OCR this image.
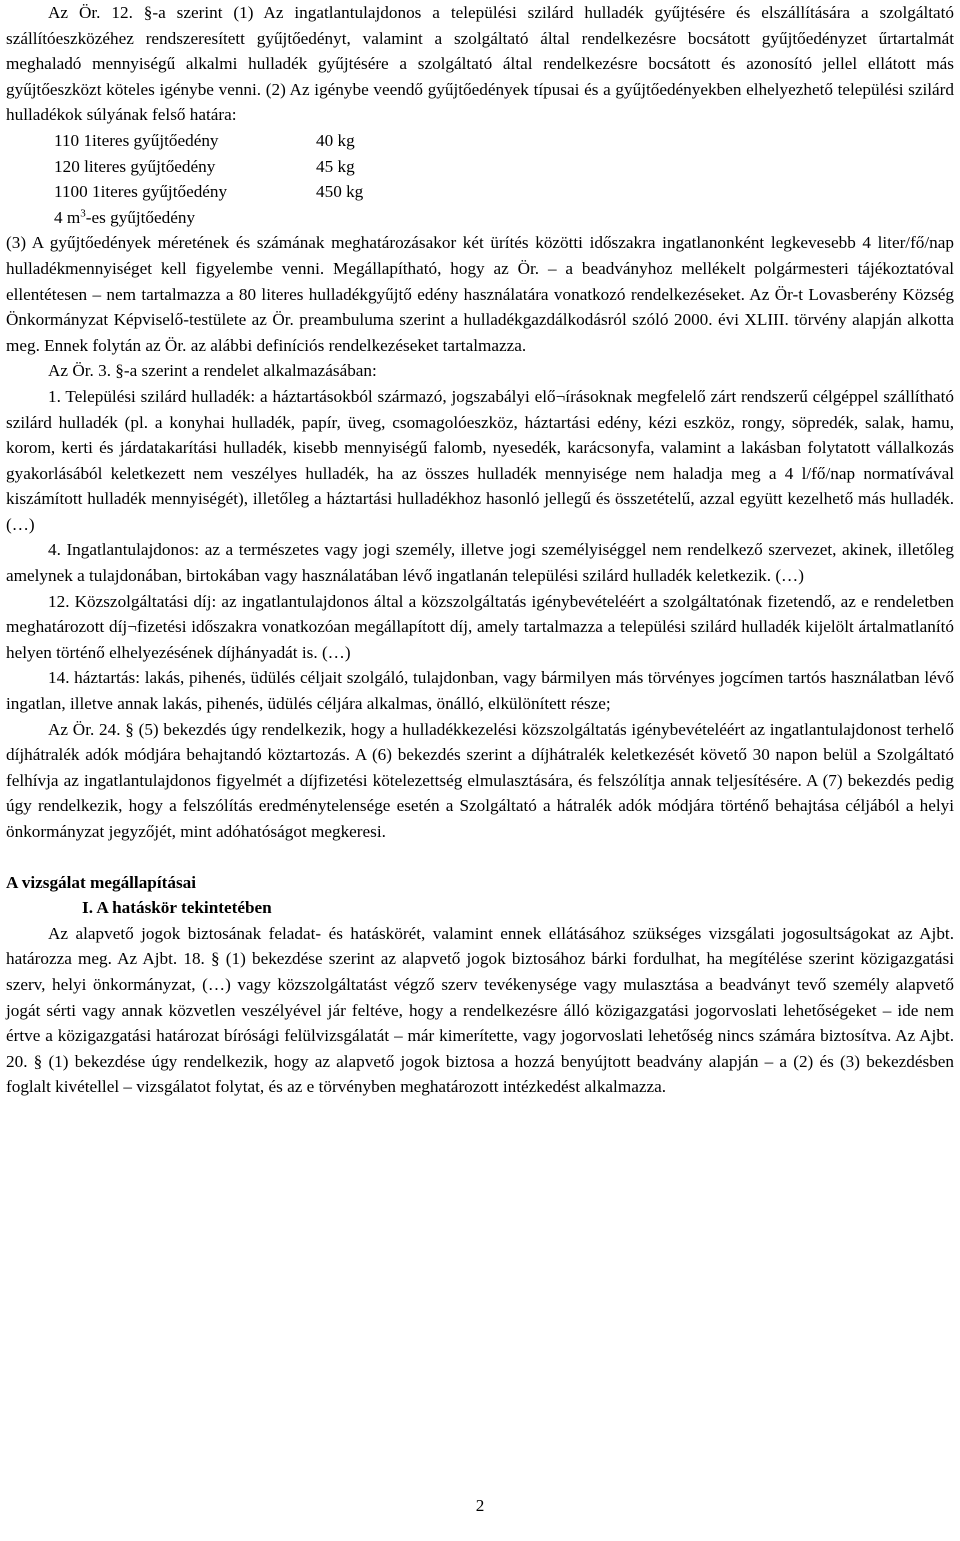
Az Ör. 12. §-a szerint (1) Az ingatlantulajdonos a települési szilárd hulladék gyűjtésére és elszállítására a szolgáltató szállítóeszközéhez rendszeresített gyűjtőedényt, valamint a szolgáltató által rendelkezésre bocsátott gyűjtőedényzet űrtartalmát meghaladó mennyiségű alkalmi hulladék gyűjtésére a szolgáltató által rendelkezésre bocsátott és azonosító jellel ellátott más gyűjtőeszközt köteles igénybe venni. (2) Az igénybe veendő gyűjtőedények típusai és a gyűjtőedényekben elhelyezhető települési szilárd hulladékok súlyának felső határa:

110 1iteres gyűjtőedény	40 kg
120 literes gyűjtőedény	45 kg
1100 1iteres gyűjtőedény	450 kg
4 $m^3-es$ gyűjtőedény

(3) A gyűjtőedények méretének és számának meghatározásakor két ürítés közötti időszakra ingatlanonként legkevesebb 4 liter/fő/nap hulladékmennyiséget kell figyelembe venni. Megállapítható, hogy az Ör. – a beadványhoz mellékelt polgármesteri tájékoztatóval ellentétesen – nem tartalmazza a 80 literes hulladékgyűjtő edény használatára vonatkozó rendelkezéseket. Az Ör-t Lovasberény Község Önkormányzat Képviselő-testülete az Ör. preambuluma szerint a hulladékgazdálkodásról szóló 2000. évi XLIII. törvény alapján alkotta meg. Ennek folytán az Ör. az alábbi definíciós rendelkezéseket tartalmazza.

Az Ör. 3. §-a szerint a rendelet alkalmazásában:

1. Települési szilárd hulladék: a háztartásokból származó, jogszabályi elő¬írásoknak megfelelő zárt rendszerű célgéppel szállítható szilárd hulladék (pl. a konyhai hulladék, papír, üveg, csomagolóeszköz, háztartási edény, kézi eszköz, rongy, söpredék, salak, hamu, korom, kerti és járdatakarítási hulladék, kisebb mennyiségű falomb, nyesedék, karácsonyfa, valamint a lakásban folytatott vállalkozás gyakorlásából keletkezett nem veszélyes hulladék, ha az összes hulladék mennyisége nem haladja meg a 4 l/fő/nap normatívával kiszámított hulladék mennyiségét), illetőleg a háztartási hulladékhoz hasonló jellegű és összetételű, azzal együtt kezelhető más hulladék. (…)

4. Ingatlantulajdonos: az a természetes vagy jogi személy, illetve jogi személyiséggel nem rendelkező szervezet, akinek, illetőleg amelynek a tulajdonában, birtokában vagy használatában lévő ingatlanán települési szilárd hulladék keletkezik. (…)

12. Közszolgáltatási díj: az ingatlantulajdonos által a közszolgáltatás igénybevételéért a szolgáltatónak fizetendő, az e rendeletben meghatározott díj¬fizetési időszakra vonatkozóan megállapított díj, amely tartalmazza a települési szilárd hulladék kijelölt ártalmatlanító helyen történő elhelyezésének díjhányadát is. (…)

14. háztartás: lakás, pihenés, üdülés céljait szolgáló, tulajdonban, vagy bármilyen más törvényes jogcímen tartós használatban lévő ingatlan, illetve annak lakás, pihenés, üdülés céljára alkalmas, önálló, elkülönített része;

Az Ör. 24. § (5) bekezdés úgy rendelkezik, hogy a hulladékkezelési közszolgáltatás igénybevételéért az ingatlantulajdonost terhelő díjhátralék adók módjára behajtandó köztartozás. A (6) bekezdés szerint a díjhátralék keletkezését követő 30 napon belül a Szolgáltató felhívja az ingatlantulajdonos figyelmét a díjfizetési kötelezettség elmulasztására, és felszólítja annak teljesítésére. A (7) bekezdés pedig úgy rendelkezik, hogy a felszólítás eredménytelensége esetén a Szolgáltató a hátralék adók módjára történő behajtása céljából a helyi önkormányzat jegyzőjét, mint adóhatóságot megkeresi.

A vizsgálat megállapításai

I. A hatáskör tekintetében

Az alapvető jogok biztosának feladat- és hatáskörét, valamint ennek ellátásához szükséges vizsgálati jogosultságokat az Ajbt. határozza meg. Az Ajbt. 18. § (1) bekezdése szerint az alapvető jogok biztosához bárki fordulhat, ha megítélése szerint közigazgatási szerv, helyi önkormányzat, (…) vagy közszolgáltatást végző szerv tevékenysége vagy mulasztása a beadványt tevő személy alapvető jogát sérti vagy annak közvetlen veszélyével jár feltéve, hogy a rendelkezésre álló közigazgatási jogorvoslati lehetőségeket – ide nem értve a közigazgatási határozat bírósági felülvizsgálatát – már kimerítette, vagy jogorvoslati lehetőség nincs számára biztosítva. Az Ajbt. 20. § (1) bekezdése úgy rendelkezik, hogy az alapvető jogok biztosa a hozzá benyújtott beadvány alapján – a (2) és (3) bekezdésben foglalt kivétellel – vizsgálatot folytat, és az e törvényben meghatározott intézkedést alkalmazza.

2
